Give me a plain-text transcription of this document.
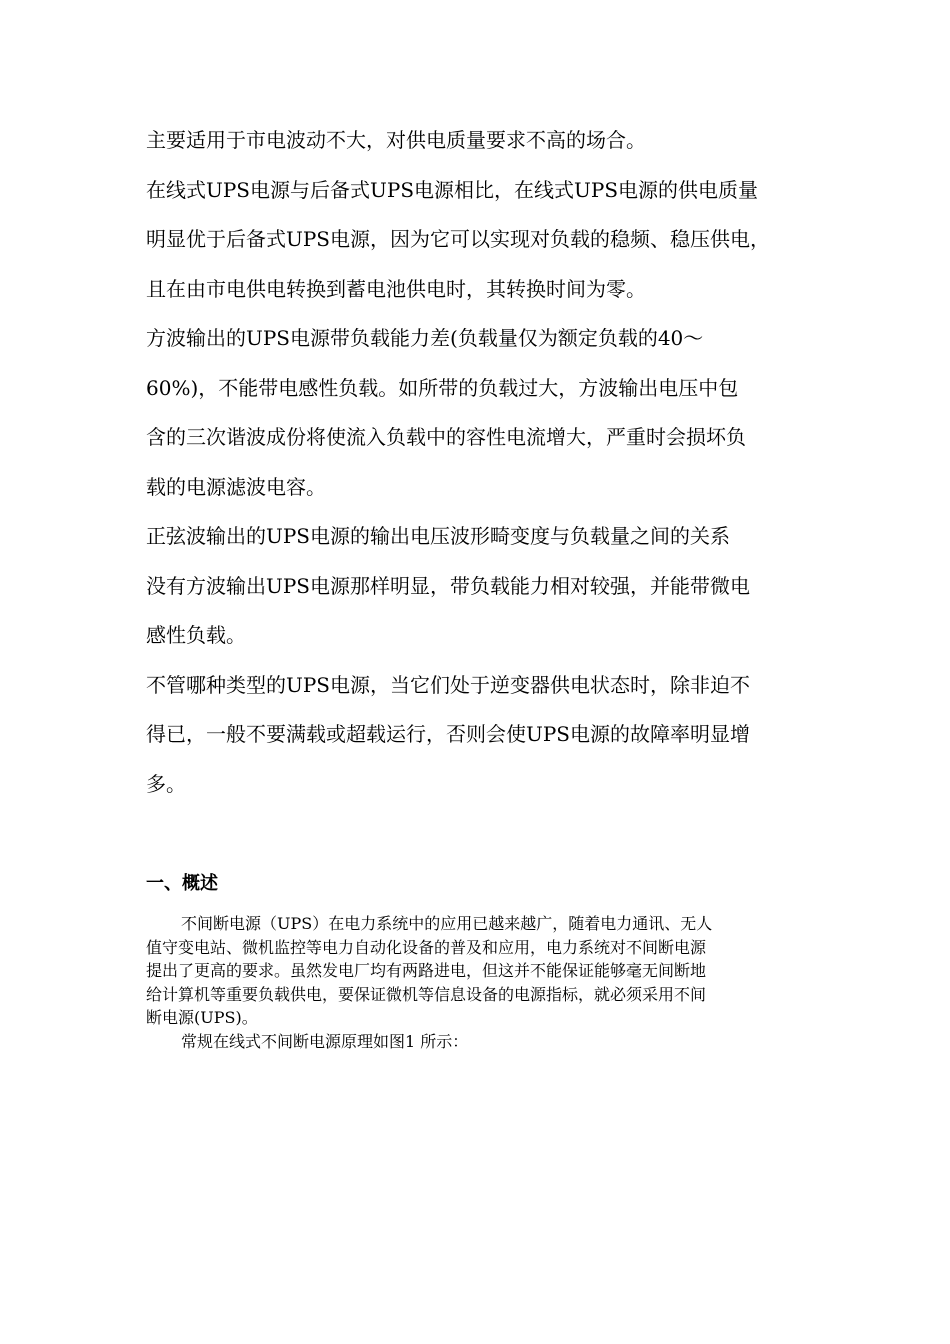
主要适用于市电波动不大，对供电质量要求不高的场合。
在线式UPS电源与后备式UPS电源相比，在线式UPS电源的供电质量
明显优于后备式UPS电源，因为它可以实现对负载的稳频、稳压供电，
且在由市电供电转换到蓄电池供电时，其转换时间为零。
方波输出的UPS电源带负载能力差(负载量仅为额定负载的40～
60%)，不能带电感性负载。如所带的负载过大，方波输出电压中包
含的三次谐波成份将使流入负载中的容性电流增大，严重时会损坏负
载的电源滤波电容。
正弦波输出的UPS电源的输出电压波形畸变度与负载量之间的关系
没有方波输出UPS电源那样明显，带负载能力相对较强，并能带微电
感性负载。
不管哪种类型的UPS电源，当它们处于逆变器供电状态时，除非迫不
得已，一般不要满载或超载运行，否则会使UPS电源的故障率明显增
多。
一、概述
不间断电源（UPS）在电力系统中的应用已越来越广，随着电力通讯、无人
值守变电站、微机监控等电力自动化设备的普及和应用，电力系统对不间断电源
提出了更高的要求。虽然发电厂均有两路进电，但这并不能保证能够毫无间断地
给计算机等重要负载供电，要保证微机等信息设备的电源指标，就必须采用不间
断电源(UPS)。
常规在线式不间断电源原理如图1 所示：
